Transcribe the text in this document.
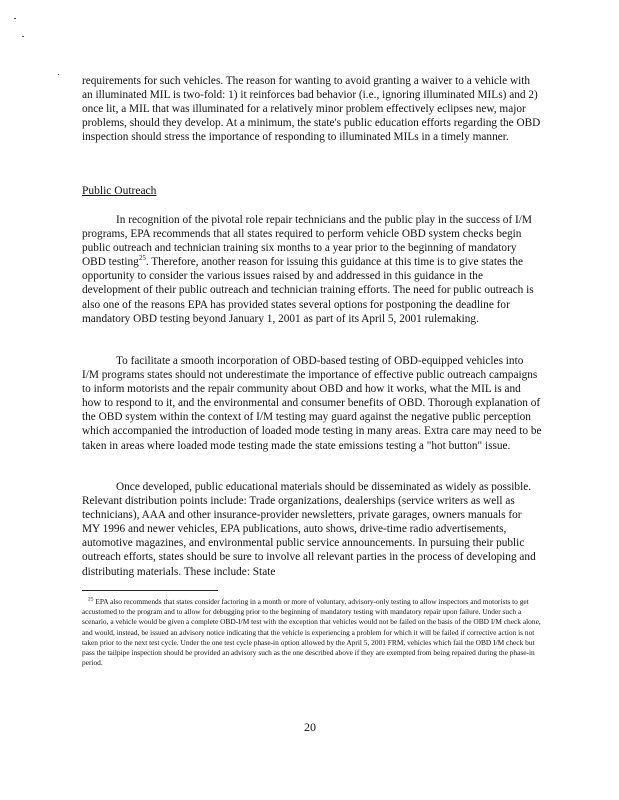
requirements for such vehicles. The reason for wanting to avoid granting a waiver to a vehicle with an illuminated MIL is two-fold: 1) it reinforces bad behavior (i.e., ignoring illuminated MILs) and 2) once lit, a MIL that was illuminated for a relatively minor problem effectively eclipses new, major problems, should they develop. At a minimum, the state's public education efforts regarding the OBD inspection should stress the importance of responding to illuminated MILs in a timely manner.

Public Outreach

In recognition of the pivotal role repair technicians and the public play in the success of I/M programs, EPA recommends that all states required to perform vehicle OBD system checks begin public outreach and technician training six months to a year prior to the beginning of mandatory OBD testing$^{25}$. Therefore, another reason for issuing this guidance at this time is to give states the opportunity to consider the various issues raised by and addressed in this guidance in the development of their public outreach and technician training efforts. The need for public outreach is also one of the reasons EPA has provided states several options for postponing the deadline for mandatory OBD testing beyond January 1, 2001 as part of its April 5, 2001 rulemaking.

To facilitate a smooth incorporation of OBD-based testing of OBD-equipped vehicles into I/M programs states should not underestimate the importance of effective public outreach campaigns to inform motorists and the repair community about OBD and how it works, what the MIL is and how to respond to it, and the environmental and consumer benefits of OBD. Thorough explanation of the OBD system within the context of I/M testing may guard against the negative public perception which accompanied the introduction of loaded mode testing in many areas. Extra care may need to be taken in areas where loaded mode testing made the state emissions testing a "hot button" issue.

Once developed, public educational materials should be disseminated as widely as possible. Relevant distribution points include: Trade organizations, dealerships (service writers as well as technicians), AAA and other insurance-provider newsletters, private garages, owners manuals for MY 1996 and newer vehicles, EPA publications, auto shows, drive-time radio advertisements, automotive magazines, and environmental public service announcements. In pursuing their public outreach efforts, states should be sure to involve all relevant parties in the process of developing and distributing materials. These include: State

$^{25}$ EPA also recommends that states consider factoring in a month or more of voluntary, advisory-only testing to allow inspectors and motorists to get accustomed to the program and to allow for debugging prior to the beginning of mandatory testing with mandatory repair upon failure. Under such a scenario, a vehicle would be given a complete OBD-I/M test with the exception that vehicles would not be failed on the basis of the OBD I/M check alone, and would, instead, be issued an advisory notice indicating that the vehicle is experiencing a problem for which it will be failed if corrective action is not taken prior to the next test cycle. Under the one test cycle phase-in option allowed by the April 5, 2001 FRM, vehicles which fail the OBD I/M check but pass the tailpipe inspection should be provided an advisory such as the one described above if they are exempted from being repaired during the phase-in period.

20
